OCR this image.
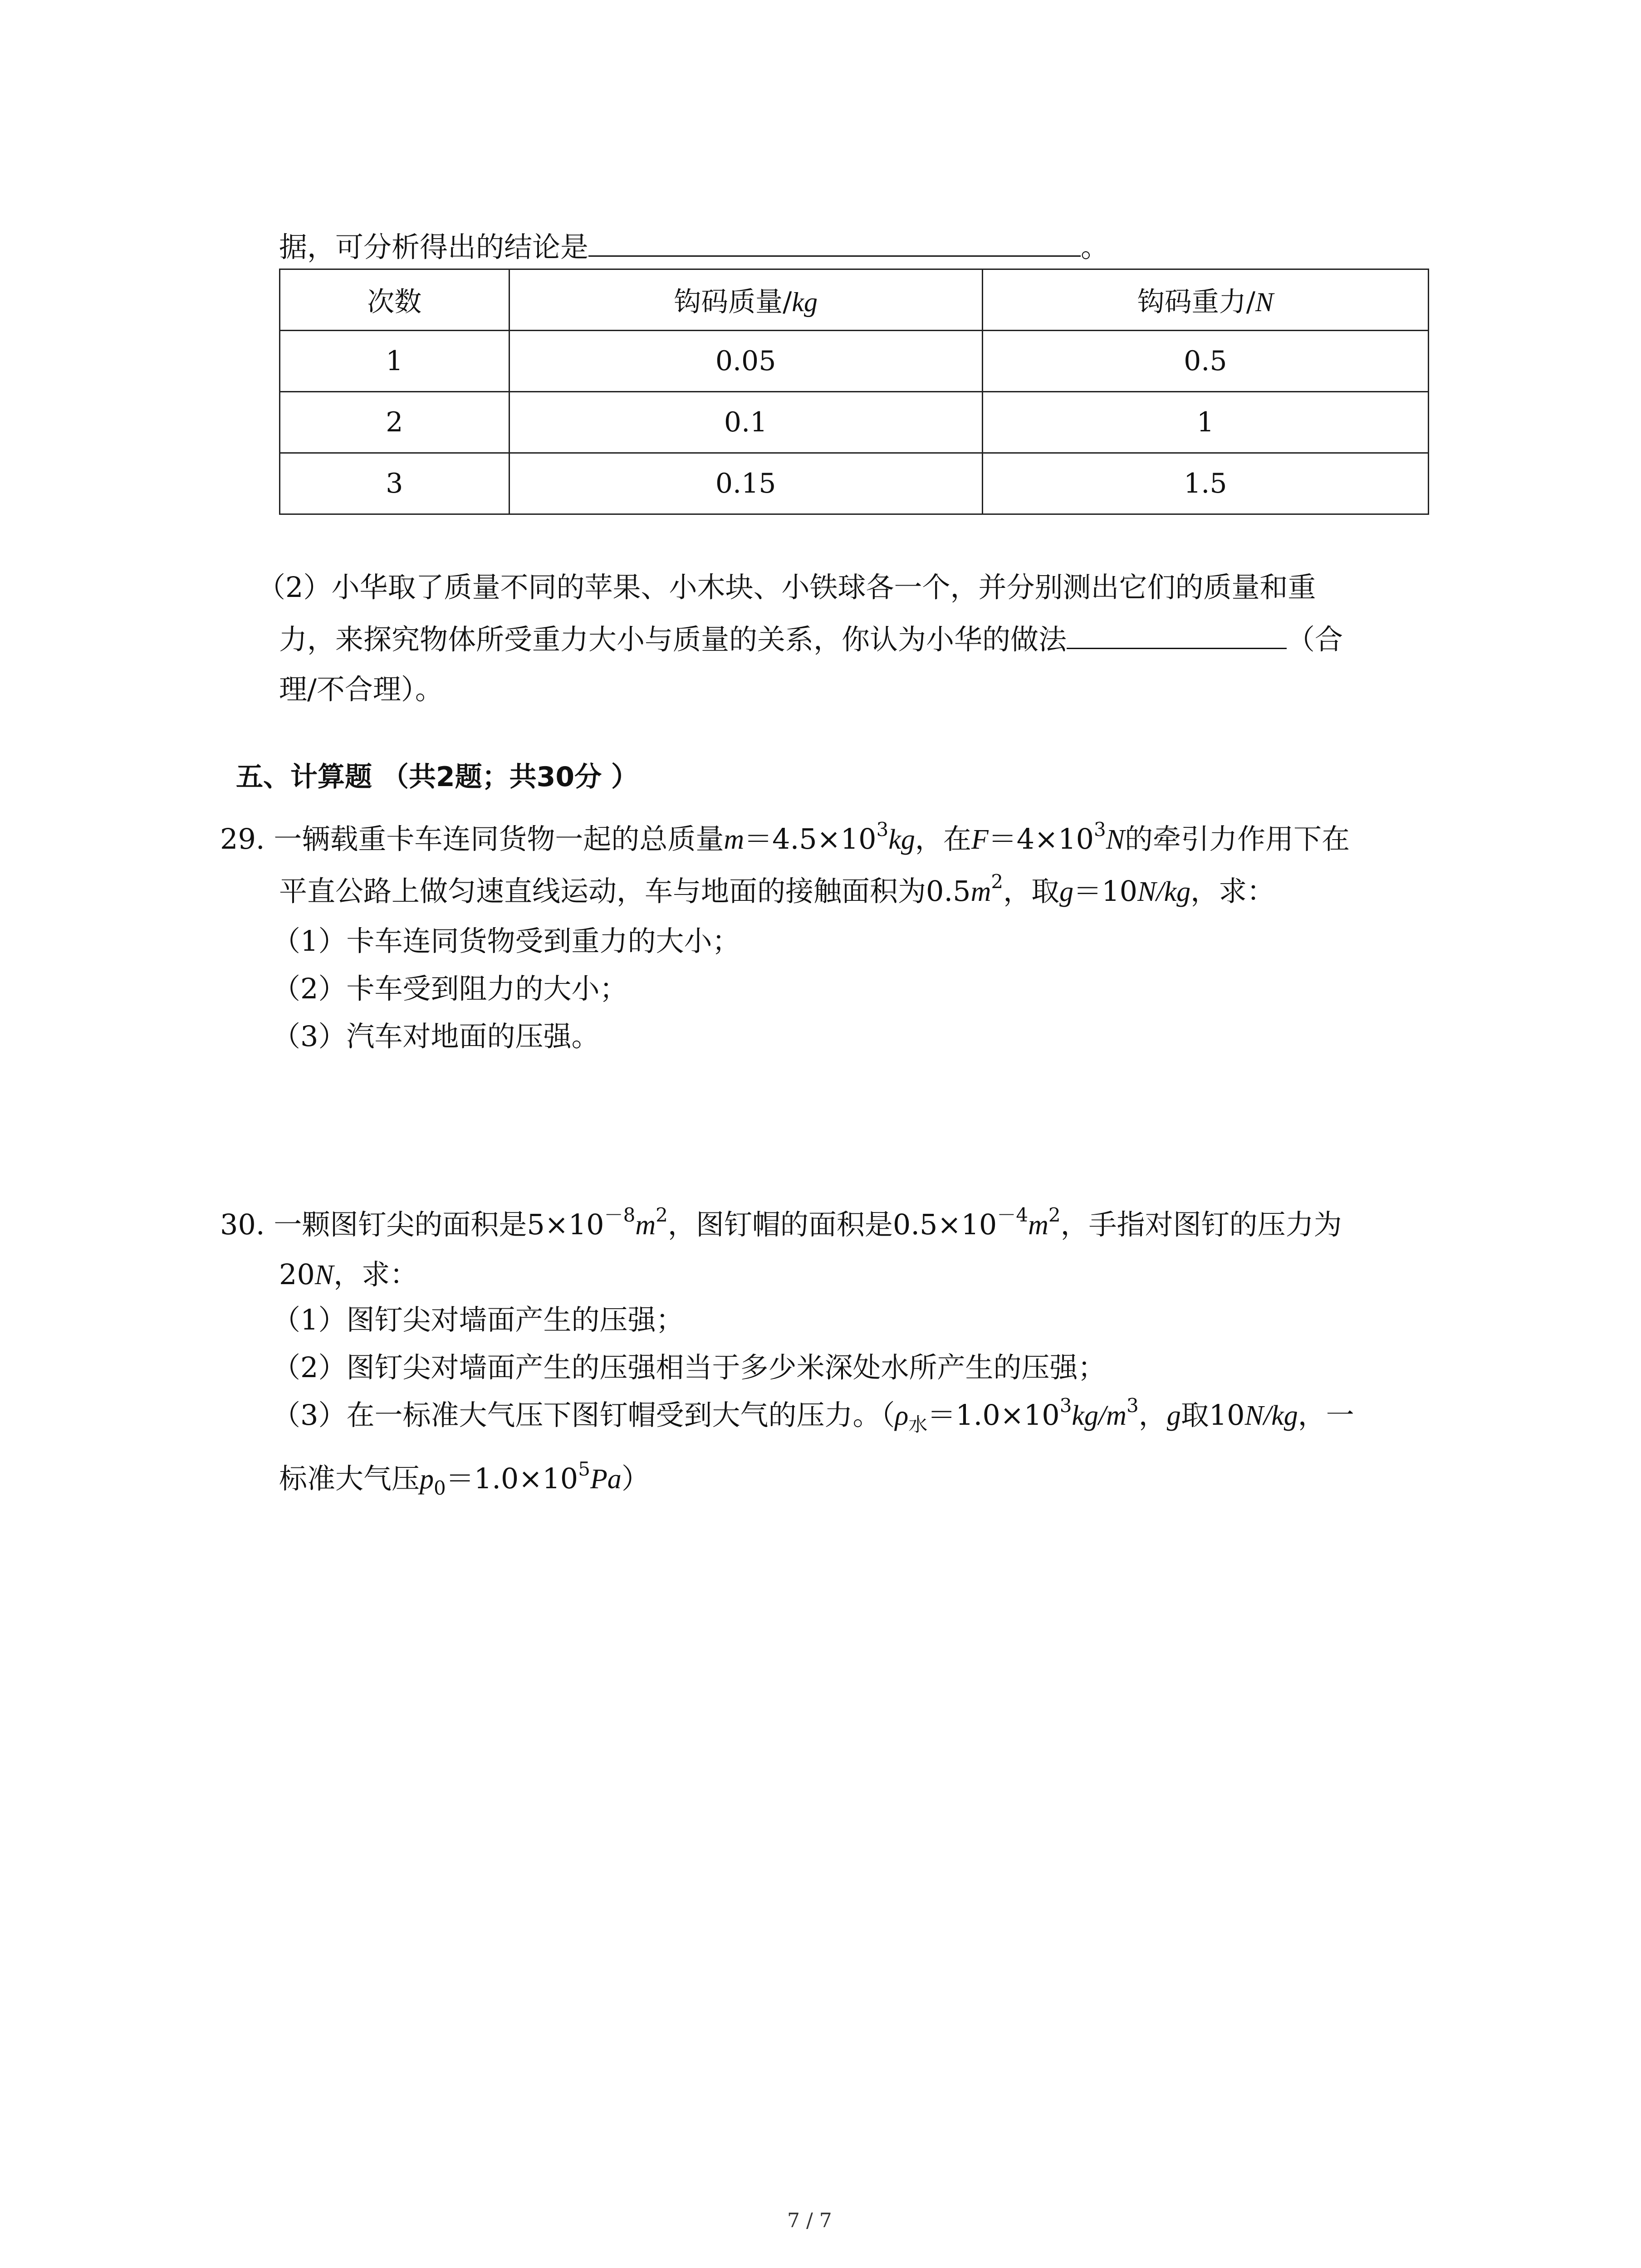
据，可分析得出的结论是	。
次数	钩码质量/kg	钩码重力/N
1	0.05	0.5
2	0.1	1
3	0.15	1.5
（2）小华取了质量不同的苹果、小木块、小铁球各一个，并分别测出它们的质量和重
力，来探究物体所受重力大小与质量的关系，你认为小华的做法	（合
理/不合理）。
五、计算题 （共2题；共30分 ）
29. 一辆载重卡车连同货物一起的总质量$m=4.5\times 10^3kg$，在$F=4\times 10^3N$的牵引力作用下在
平直公路上做匀速直线运动，车与地面的接触面积为$0.5m^2$，取g＝10N/kg，求：
（1）卡车连同货物受到重力的大小；
（2）卡车受到阻力的大小；
（3）汽车对地面的压强。
30. 一颗图钉尖的面积是$5\times 10^{-8}m^2$，图钉帽的面积是$0.5\times 10^{-4}m^2$，手指对图钉的压力为
20N，求：
（1）图钉尖对墙面产生的压强；
（2）图钉尖对墙面产生的压强相当于多少米深处水所产生的压强；
（3）在一标准大气压下图钉帽受到大气的压力。（$\rho_水=1.0\times 10^3kg/m^3$，g取10N/kg，一
标准大气压$p_0=1.0\times 10^5Pa$）
7 / 7
